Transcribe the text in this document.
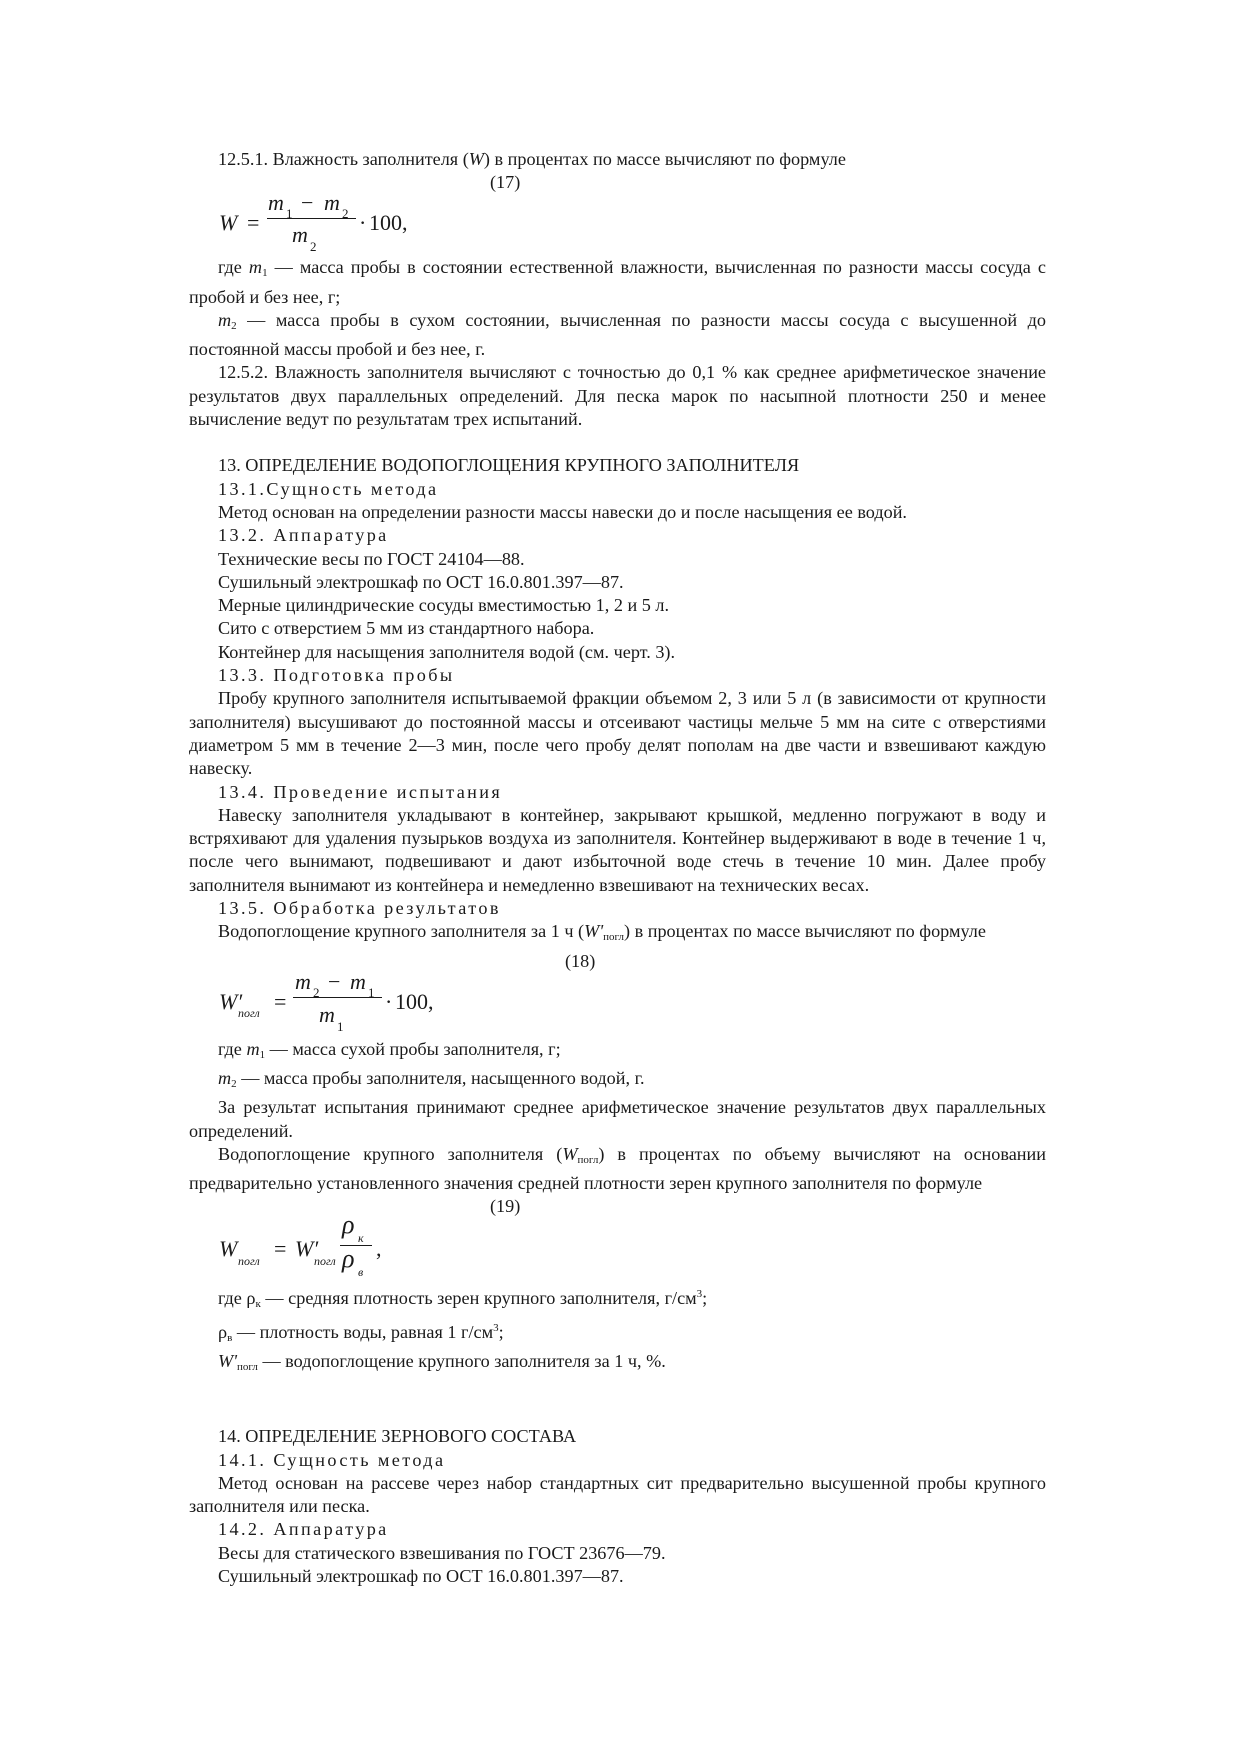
12.5.1. Влажность заполнителя (W) в процентах по массе вычисляют по формуле

(17)
W =
m 1 − m 2
m 2
· 100,

где m1 — масса пробы в состоянии естественной влажности, вычисленная по разности массы сосуда с пробой и без нее, г;

m2 — масса пробы в сухом состоянии, вычисленная по разности массы сосуда с высушенной до постоянной массы пробой и без нее, г.

12.5.2. Влажность заполнителя вычисляют с точностью до 0,1 % как среднее арифметическое значение результатов двух параллельных определений. Для песка марок по насыпной плотности 250 и менее вычисление ведут по результатам трех испытаний.

13. ОПРЕДЕЛЕНИЕ ВОДОПОГЛОЩЕНИЯ КРУПНОГО ЗАПОЛНИТЕЛЯ

13.1.Сущность метода

Метод основан на определении разности массы навески до и после насыщения ее водой.

13.2. Аппаратура

Технические весы по ГОСТ 24104—88.

Сушильный электрошкаф по ОСТ 16.0.801.397—87.

Мерные цилиндрические сосуды вместимостью 1, 2 и 5 л.

Сито с отверстием 5 мм из стандартного набора.

Контейнер для насыщения заполнителя водой (см. черт. 3).

13.3. Подготовка пробы

Пробу крупного заполнителя испытываемой фракции объемом 2, 3 или 5 л (в зависимости от крупности заполнителя) высушивают до постоянной массы и отсеивают частицы мельче 5 мм на сите с отверстиями диаметром 5 мм в течение 2—3 мин, после чего пробу делят пополам на две части и взвешивают каждую навеску.

13.4. Проведение испытания

Навеску заполнителя укладывают в контейнер, закрывают крышкой, медленно погружают в воду и встряхивают для удаления пузырьков воздуха из заполнителя. Контейнер выдерживают в воде в течение 1 ч, после чего вынимают, подвешивают и дают избыточной воде стечь в течение 10 мин. Далее пробу заполнителя вынимают из контейнера и немедленно взвешивают на технических весах.

13.5. Обработка результатов

Водопоглощение крупного заполнителя за 1 ч (W'погл) в процентах по массе вычисляют по формуле

(18)
W′
погл =
m 2 − m 1
m 1
· 100,

где m1 — масса сухой пробы заполнителя, г;

m2 — масса пробы заполнителя, насыщенного водой, г.

За результат испытания принимают среднее арифметическое значение результатов двух параллельных определений.

Водопоглощение крупного заполнителя (Wпогл) в процентах по объему вычисляют на основании предварительно установленного значения средней плотности зерен крупного заполнителя по формуле

(19)
W погл = W′
погл
ρ к
ρ в
,

где ρк — средняя плотность зерен крупного заполнителя, $г/см^3$;

ρв — плотность воды, равная 1 $г/см^3$;

W'погл — водопоглощение крупного заполнителя за 1 ч, %.

14. ОПРЕДЕЛЕНИЕ ЗЕРНОВОГО СОСТАВА

14.1. Сущность метода

Метод основан на рассеве через набор стандартных сит предварительно высушенной пробы крупного заполнителя или песка.

14.2. Аппаратура

Весы для статического взвешивания по ГОСТ 23676—79.

Сушильный электрошкаф по ОСТ 16.0.801.397—87.
